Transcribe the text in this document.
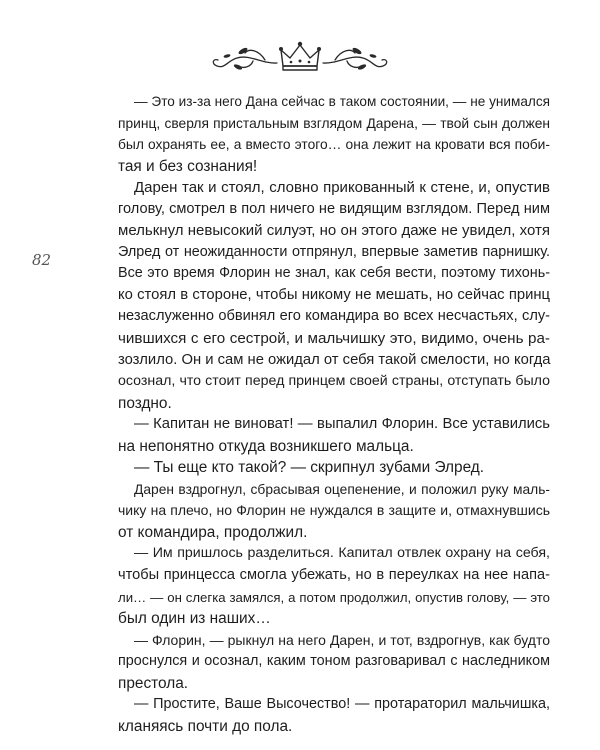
82
— Это из-за него Дана сейчас в таком состоянии, — не унимался
принц, сверля пристальным взглядом Дарена, — твой сын должен
был охранять ее, а вместо этого… она лежит на кровати вся поби-
тая и без сознания!
Дарен так и стоял, словно прикованный к стене, и, опустив
голову, смотрел в пол ничего не видящим взглядом. Перед ним
мелькнул невысокий силуэт, но он этого даже не увидел, хотя
Элред от неожиданности отпрянул, впервые заметив парнишку.
Все это время Флорин не знал, как себя вести, поэтому тихонь-
ко стоял в стороне, чтобы никому не мешать, но сейчас принц
незаслуженно обвинял его командира во всех несчастьях, слу-
чившихся с его сестрой, и мальчишку это, видимо, очень ра-
зозлило. Он и сам не ожидал от себя такой смелости, но когда
осознал, что стоит перед принцем своей страны, отступать было
поздно.
— Капитан не виноват! — выпалил Флорин. Все уставились
на непонятно откуда возникшего мальца.
— Ты еще кто такой? — скрипнул зубами Элред.
Дарен вздрогнул, сбрасывая оцепенение, и положил руку маль-
чику на плечо, но Флорин не нуждался в защите и, отмахнувшись
от командира, продолжил.
— Им пришлось разделиться. Капитал отвлек охрану на себя,
чтобы принцесса смогла убежать, но в переулках на нее напа-
ли… — он слегка замялся, а потом продолжил, опустив голову, — это
был один из наших…
— Флорин, — рыкнул на него Дарен, и тот, вздрогнув, как будто
проснулся и осознал, каким тоном разговаривал с наследником
престола.
— Простите, Ваше Высочество! — протараторил мальчишка,
кланяясь почти до пола.
